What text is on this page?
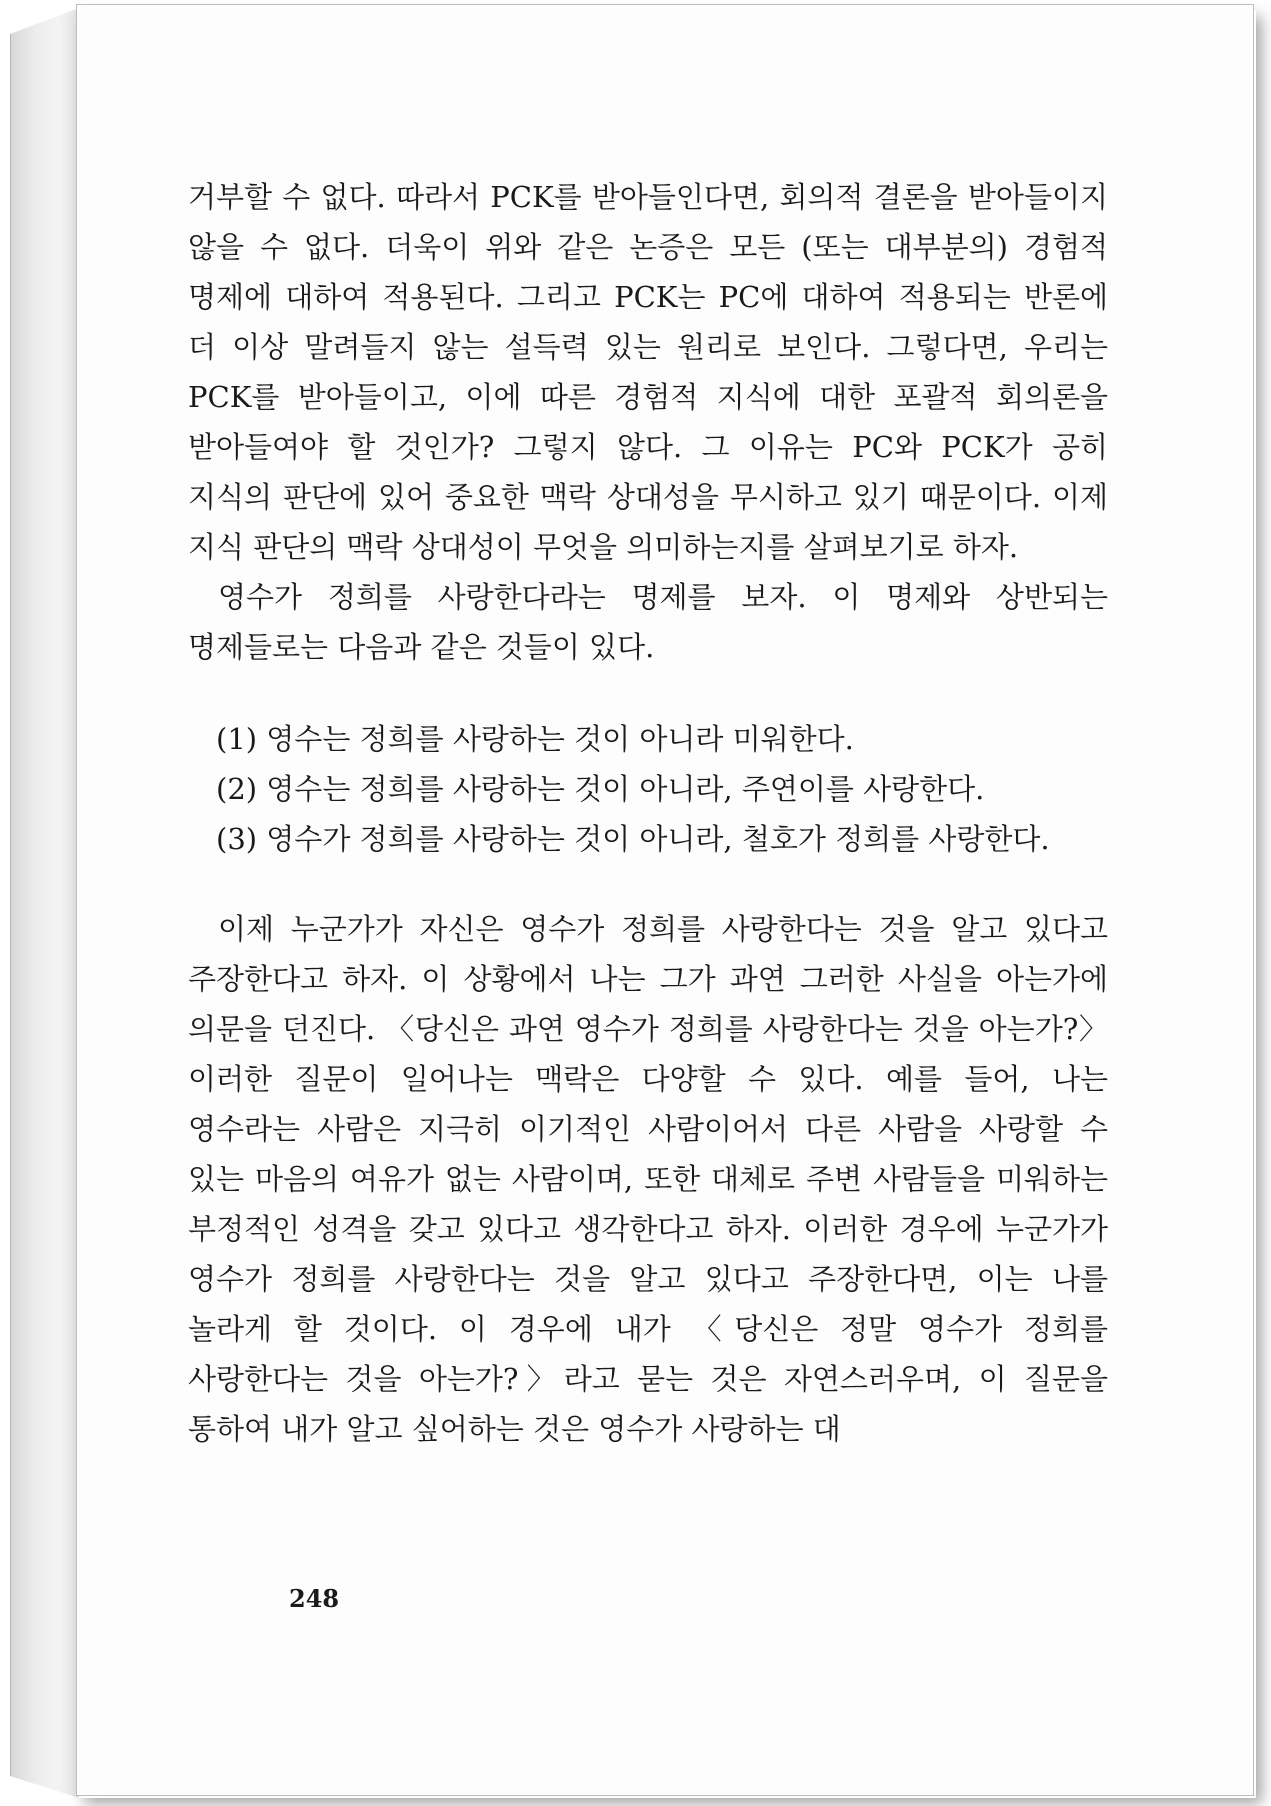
거부할 수 없다. 따라서 PCK를 받아들인다면, 회의적 결론을 받아들이지 않을 수 없다. 더욱이 위와 같은 논증은 모든 (또는 대부분의) 경험적 명제에 대하여 적용된다. 그리고 PCK는 PC에 대하여 적용되는 반론에 더 이상 말려들지 않는 설득력 있는 원리로 보인다. 그렇다면, 우리는 PCK를 받아들이고, 이에 따른 경험적 지식에 대한 포괄적 회의론을 받아들여야 할 것인가? 그렇지 않다. 그 이유는 PC와 PCK가 공히 지식의 판단에 있어 중요한 맥락 상대성을 무시하고 있기 때문이다. 이제 지식 판단의 맥락 상대성이 무엇을 의미하는지를 살펴보기로 하자.

영수가 정희를 사랑한다라는 명제를 보자. 이 명제와 상반되는 명제들로는 다음과 같은 것들이 있다.

(1) 영수는 정희를 사랑하는 것이 아니라 미워한다.
(2) 영수는 정희를 사랑하는 것이 아니라, 주연이를 사랑한다.
(3) 영수가 정희를 사랑하는 것이 아니라, 철호가 정희를 사랑한다.

이제 누군가가 자신은 영수가 정희를 사랑한다는 것을 알고 있다고 주장한다고 하자. 이 상황에서 나는 그가 과연 그러한 사실을 아는가에 의문을 던진다. 〈당신은 과연 영수가 정희를 사랑한다는 것을 아는가?〉 이러한 질문이 일어나는 맥락은 다양할 수 있다. 예를 들어, 나는 영수라는 사람은 지극히 이기적인 사람이어서 다른 사람을 사랑할 수 있는 마음의 여유가 없는 사람이며, 또한 대체로 주변 사람들을 미워하는 부정적인 성격을 갖고 있다고 생각한다고 하자. 이러한 경우에 누군가가 영수가 정희를 사랑한다는 것을 알고 있다고 주장한다면, 이는 나를 놀라게 할 것이다. 이 경우에 내가 〈당신은 정말 영수가 정희를 사랑한다는 것을 아는가?〉라고 묻는 것은 자연스러우며, 이 질문을 통하여 내가 알고 싶어하는 것은 영수가 사랑하는 대

248
